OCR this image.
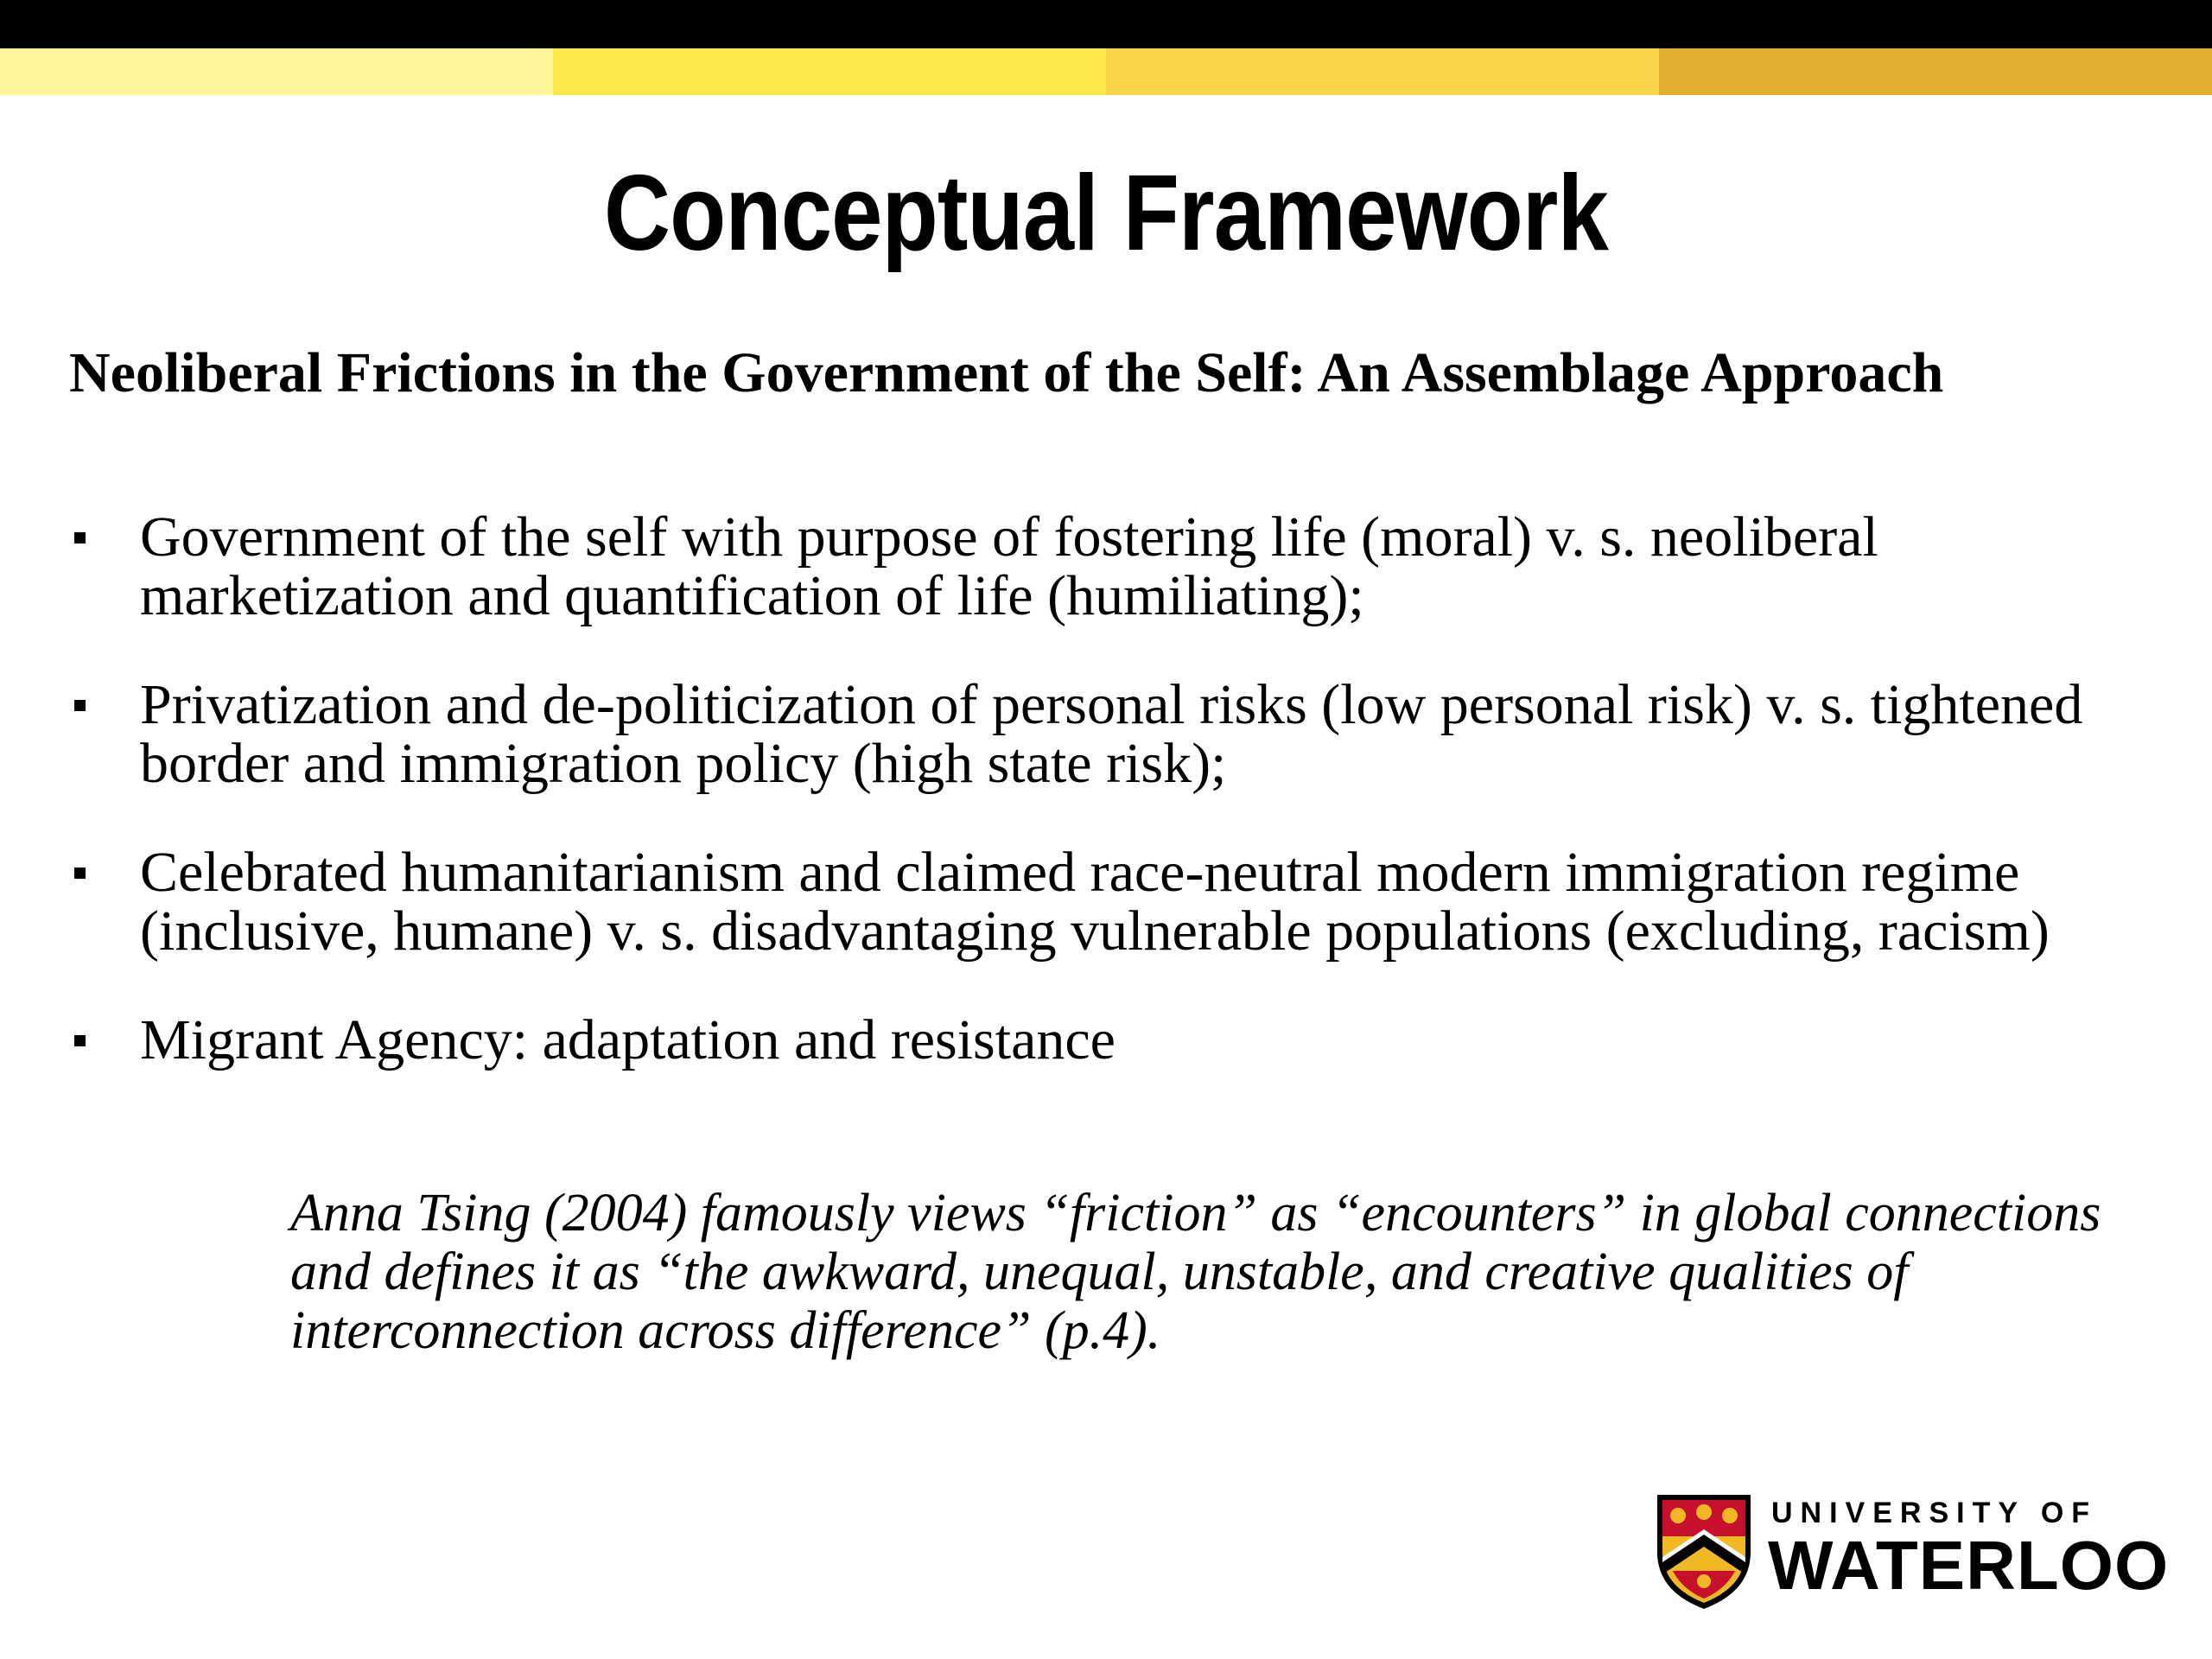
Conceptual Framework
Neoliberal Frictions in the Government of the Self: An Assemblage Approach
Government of the self with purpose of fostering life (moral) v. s. neoliberal marketization and quantification of life (humiliating);
Privatization and de-politicization of personal risks (low personal risk) v. s. tightened border and immigration policy (high state risk);
Celebrated humanitarianism and claimed race-neutral modern immigration regime (inclusive, humane) v. s. disadvantaging vulnerable populations (excluding, racism)
Migrant Agency: adaptation and resistance
Anna Tsing (2004) famously views “friction” as “encounters” in global connections and defines it as “the awkward, unequal, unstable, and creative qualities of interconnection across difference” (p.4).
UNIVERSITY OF
WATERLOO
